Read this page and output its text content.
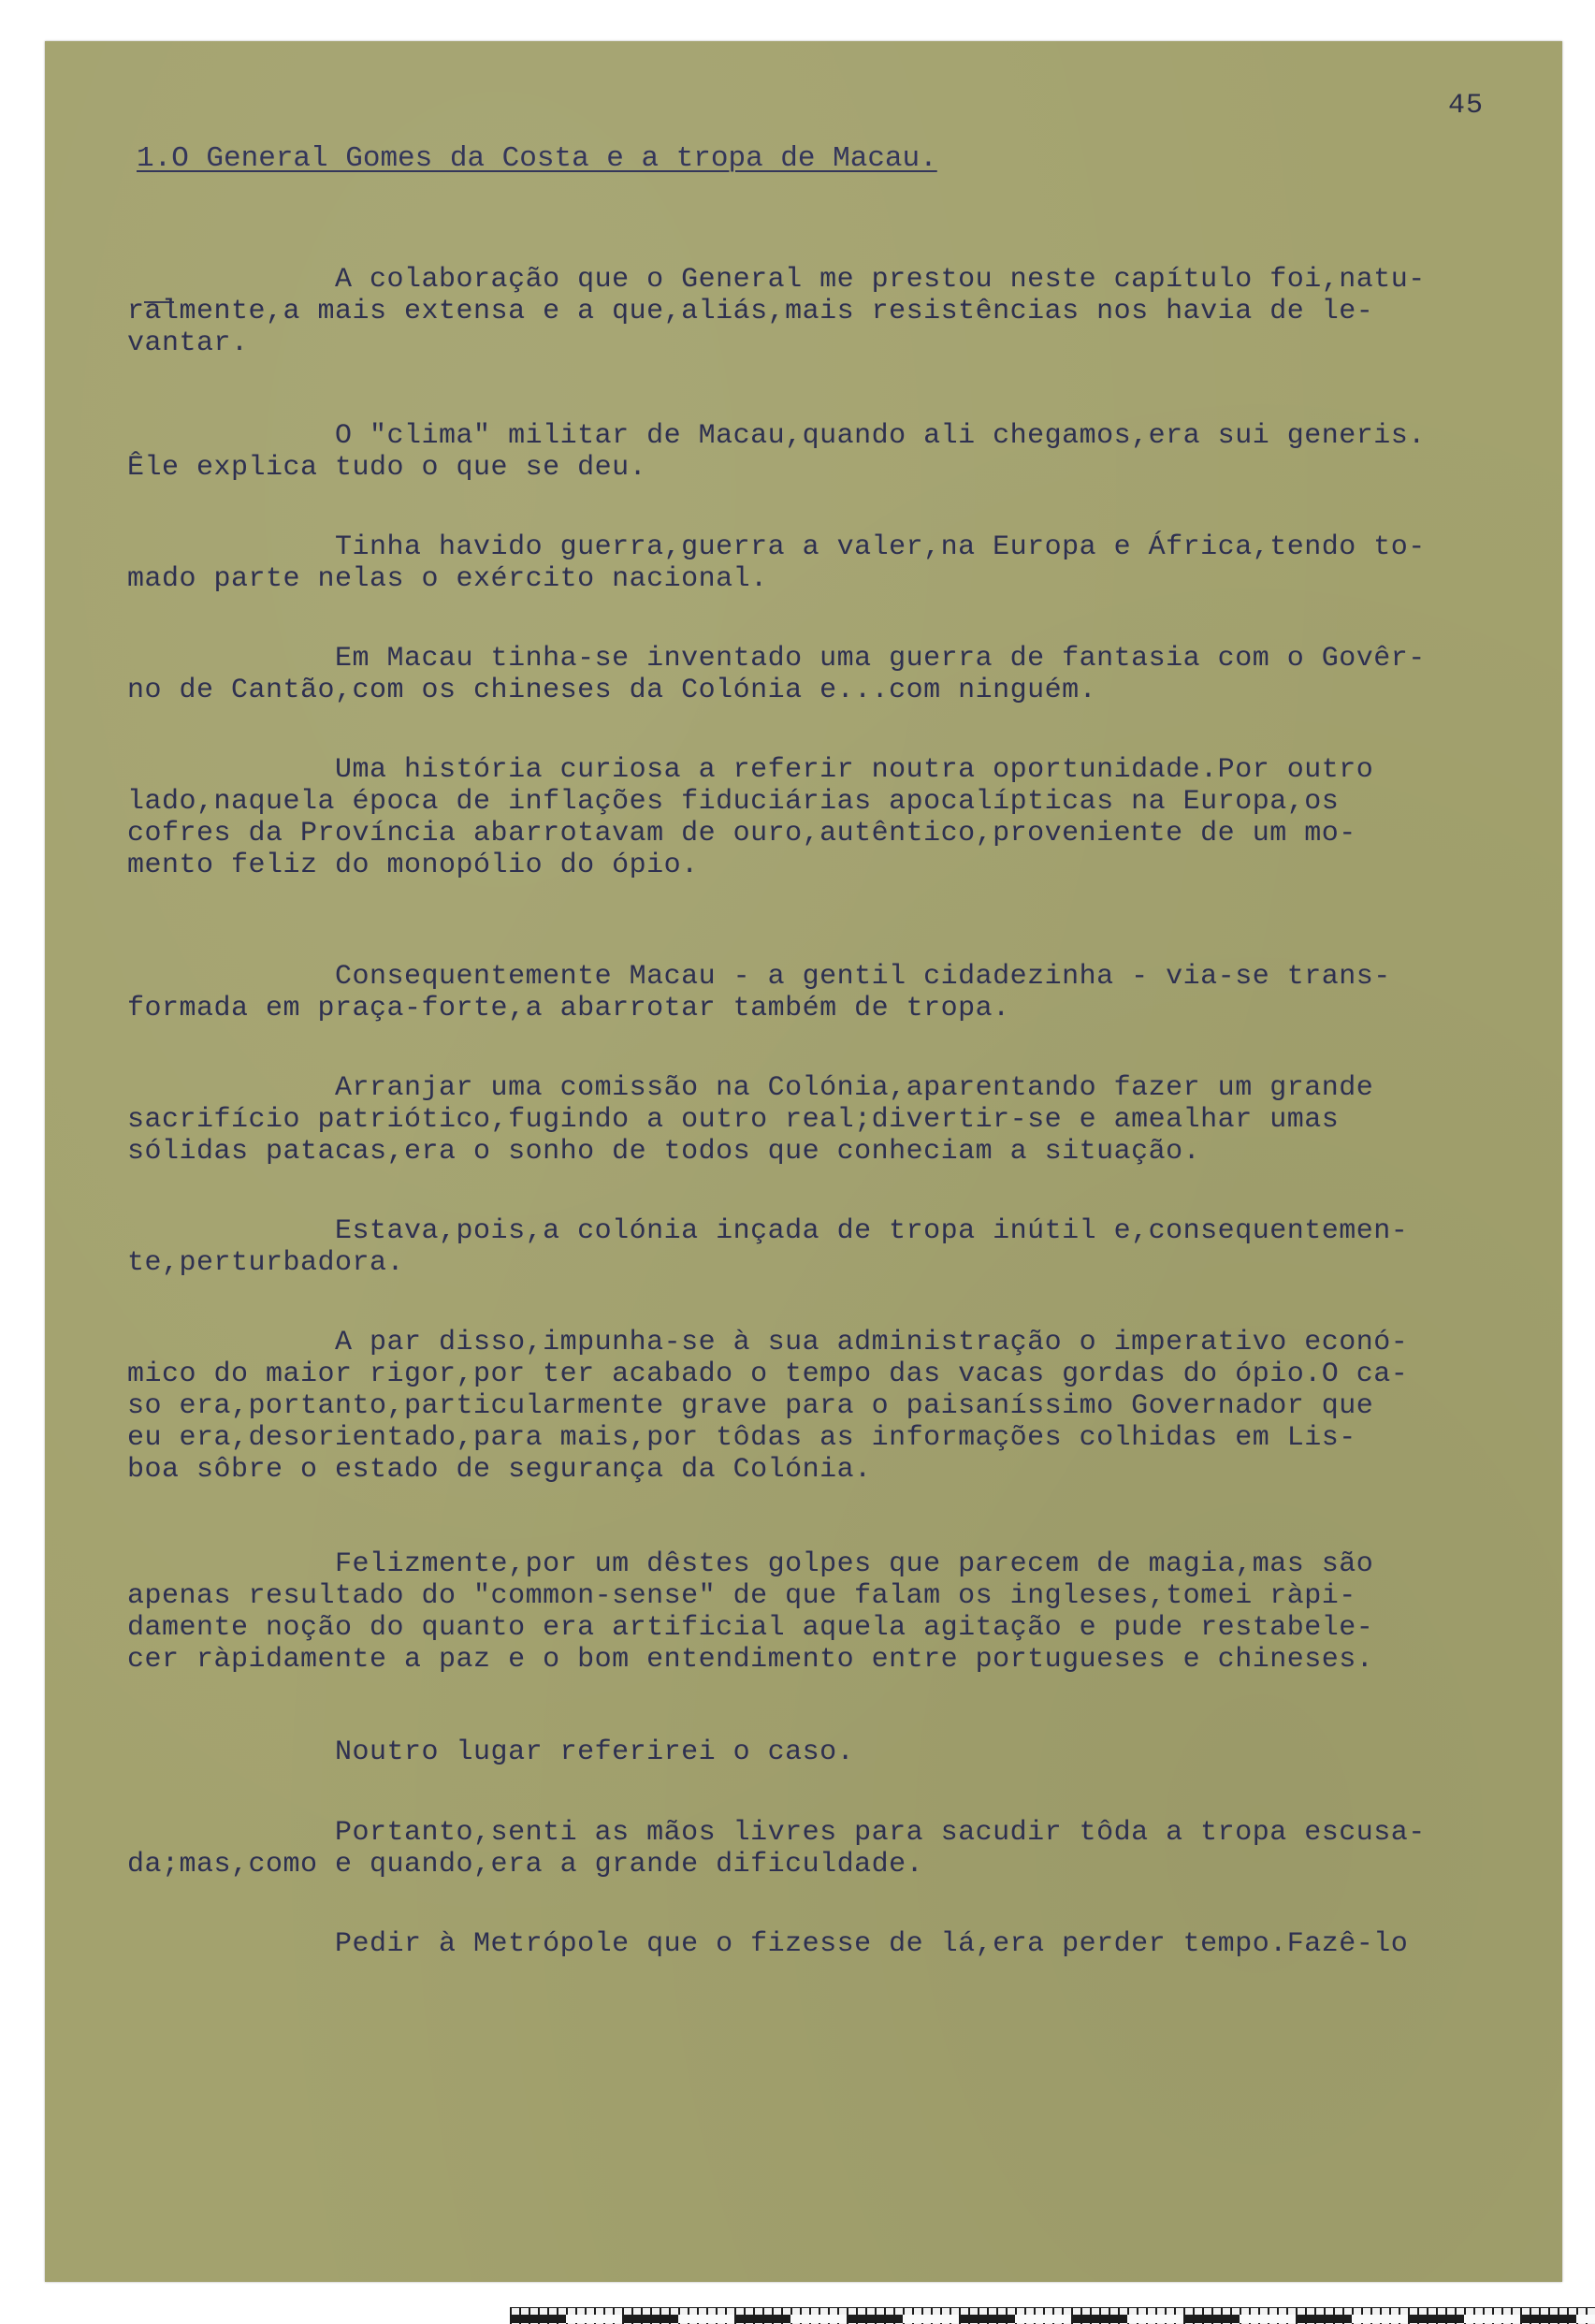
45
1.O General Gomes da Costa e a tropa de Macau.
A colaboração que o General me prestou neste capítulo foi,natu-
ralmente,a mais extensa e a que,aliás,mais resistências nos havia de le-
vantar.
O "clima" militar de Macau,quando ali chegamos,era sui generis.
Êle explica tudo o que se deu.
Tinha havido guerra,guerra a valer,na Europa e África,tendo to-
mado parte nelas o exército nacional.
Em Macau tinha-se inventado uma guerra de fantasia com o Govêr-
no de Cantão,com os chineses da Colónia e...com ninguém.
Uma história curiosa a referir noutra oportunidade.Por outro
lado,naquela época de inflações fiduciárias apocalípticas na Europa,os
cofres da Província abarrotavam de ouro,autêntico,proveniente de um mo-
mento feliz do monopólio do ópio.
Consequentemente Macau - a gentil cidadezinha - via-se trans-
formada em praça-forte,a abarrotar também de tropa.
Arranjar uma comissão na Colónia,aparentando fazer um grande
sacrifício patriótico,fugindo a outro real;divertir-se e amealhar umas
sólidas patacas,era o sonho de todos que conheciam a situação.
Estava,pois,a colónia inçada de tropa inútil e,consequentemen-
te,perturbadora.
A par disso,impunha-se à sua administração o imperativo econó-
mico do maior rigor,por ter acabado o tempo das vacas gordas do ópio.O ca-
so era,portanto,particularmente grave para o paisaníssimo Governador que
eu era,desorientado,para mais,por tôdas as informações colhidas em Lis-
boa sôbre o estado de segurança da Colónia.
Felizmente,por um dêstes golpes que parecem de magia,mas são
apenas resultado do "common-sense" de que falam os ingleses,tomei ràpi-
damente noção do quanto era artificial aquela agitação e pude restabele-
cer ràpidamente a paz e o bom entendimento entre portugueses e chineses.
Noutro lugar referirei o caso.
Portanto,senti as mãos livres para sacudir tôda a tropa escusa-
da;mas,como e quando,era a grande dificuldade.
Pedir à Metrópole que o fizesse de lá,era perder tempo.Fazê-lo
